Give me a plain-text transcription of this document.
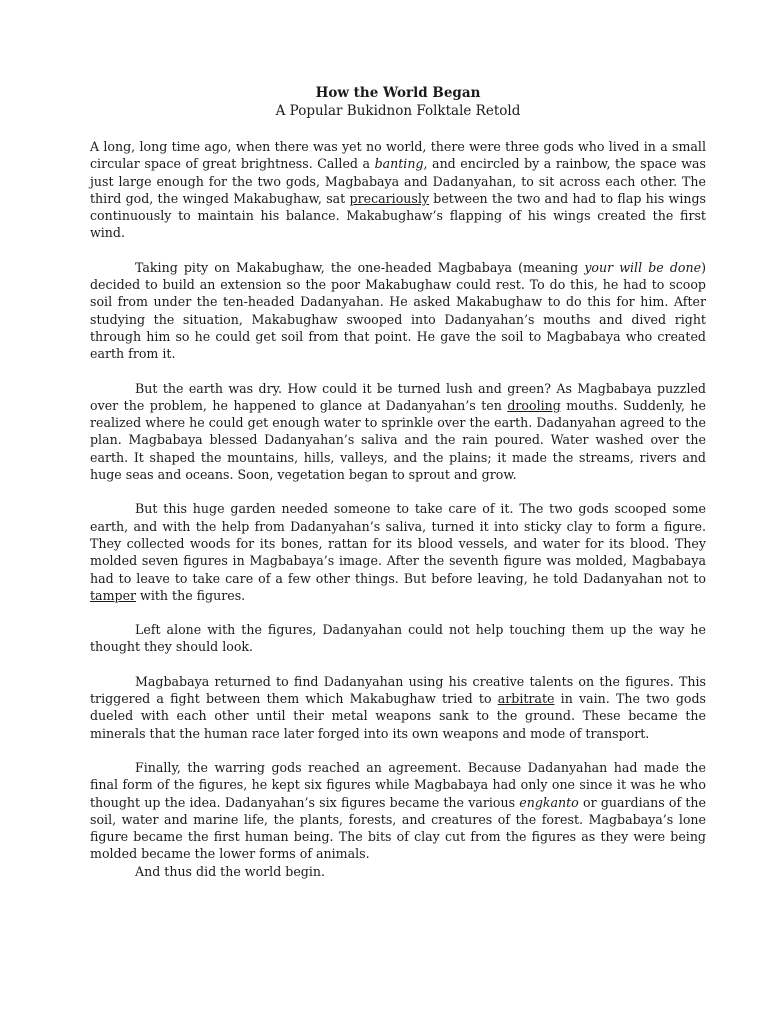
How the World Began

A Popular Bukidnon Folktale Retold

A long, long time ago, when there was yet no world, there were three gods who lived in a small circular space of great brightness. Called a banting, and encircled by a rainbow, the space was just large enough for the two gods, Magbabaya and Dadanyahan, to sit across each other. The third god, the winged Makabughaw, sat precariously between the two and had to flap his wings continuously to maintain his balance. Makabughaw’s flapping of his wings created the first wind.

Taking pity on Makabughaw, the one-headed Magbabaya (meaning your will be done) decided to build an extension so the poor Makabughaw could rest. To do this, he had to scoop soil from under the ten-headed Dadanyahan. He asked Makabughaw to do this for him. After studying the situation, Makabughaw swooped into Dadanyahan’s mouths and dived right through him so he could get soil from that point. He gave the soil to Magbabaya who created earth from it.

But the earth was dry. How could it be turned lush and green? As Magbabaya puzzled over the problem, he happened to glance at Dadanyahan’s ten drooling mouths. Suddenly, he realized where he could get enough water to sprinkle over the earth. Dadanyahan agreed to the plan. Magbabaya blessed Dadanyahan’s saliva and the rain poured. Water washed over the earth. It shaped the mountains, hills, valleys, and the plains; it made the streams, rivers and huge seas and oceans. Soon, vegetation began to sprout and grow.

But this huge garden needed someone to take care of it. The two gods scooped some earth, and with the help from Dadanyahan’s saliva, turned it into sticky clay to form a figure. They collected woods for its bones, rattan for its blood vessels, and water for its blood. They molded seven figures in Magbabaya’s image. After the seventh figure was molded, Magbabaya had to leave to take care of a few other things. But before leaving, he told Dadanyahan not to tamper with the figures.

Left alone with the figures, Dadanyahan could not help touching them up the way he thought they should look.

Magbabaya returned to find Dadanyahan using his creative talents on the figures. This triggered a fight between them which Makabughaw tried to arbitrate in vain. The two gods dueled with each other until their metal weapons sank to the ground. These became the minerals that the human race later forged into its own weapons and mode of transport.

Finally, the warring gods reached an agreement. Because Dadanyahan had made the final form of the figures, he kept six figures while Magbabaya had only one since it was he who thought up the idea. Dadanyahan’s six figures became the various engkanto or guardians of the soil, water and marine life, the plants, forests, and creatures of the forest. Magbabaya’s lone figure became the first human being. The bits of clay cut from the figures as they were being molded became the lower forms of animals.

And thus did the world begin.
